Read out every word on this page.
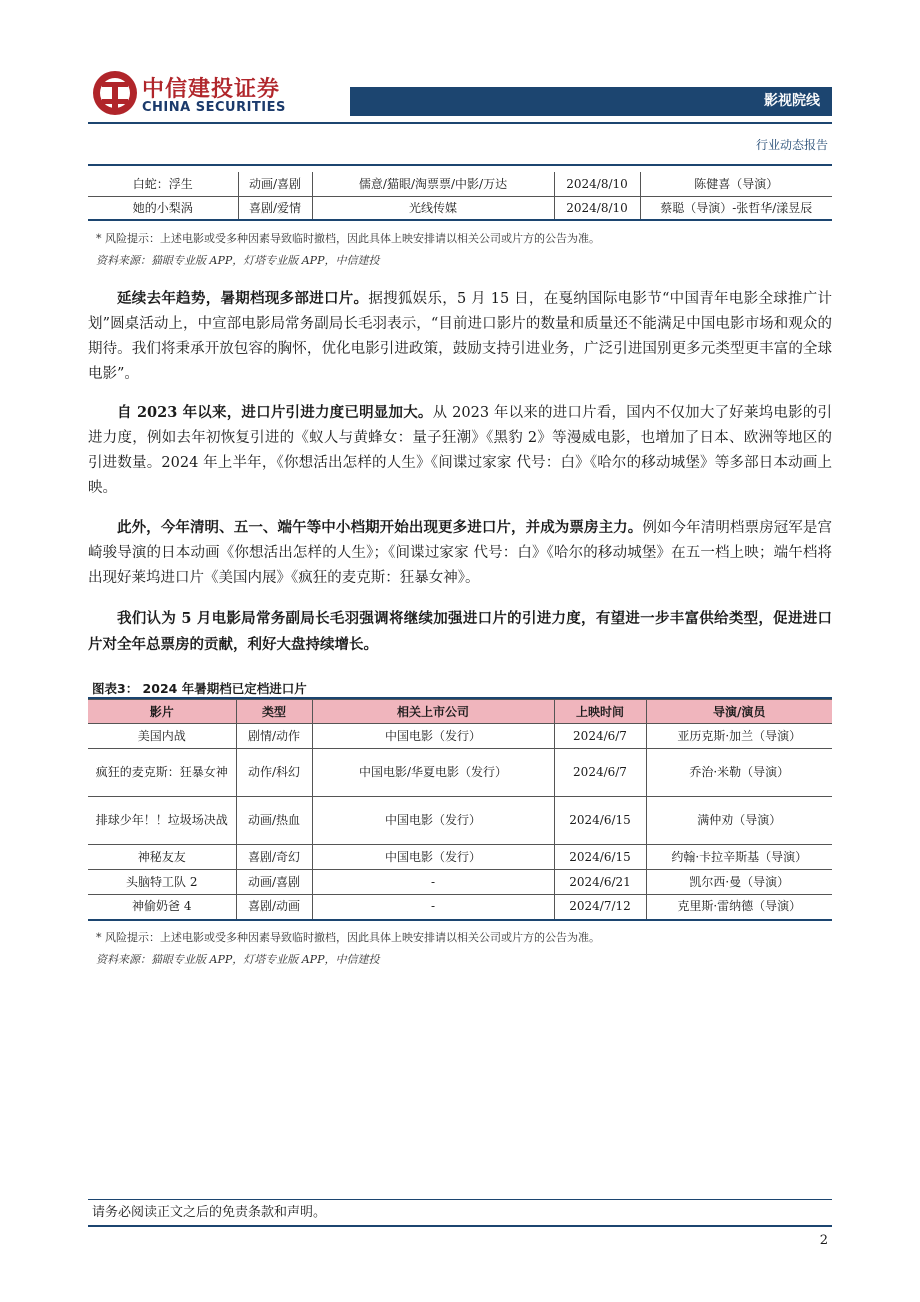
中信建投证券
CHINA SECURITIES	影视院线
行业动态报告
白蛇：浮生	动画/喜剧	儒意/猫眼/淘票票/中影/万达	2024/8/10	陈健喜（导演）
她的小梨涡	喜剧/爱情	光线传媒	2024/8/10	蔡聪（导演）-张哲华/漾昱辰
* 风险提示：上述电影或受多种因素导致临时撤档，因此具体上映安排请以相关公司或片方的公告为准。
资料来源：猫眼专业版 APP，灯塔专业版 APP，中信建投
延续去年趋势，暑期档现多部进口片。据搜狐娱乐，5 月 15 日，在戛纳国际电影节“中国青年电影全球推广计划”圆桌活动上，中宣部电影局常务副局长毛羽表示，“目前进口影片的数量和质量还不能满足中国电影市场和观众的期待。我们将秉承开放包容的胸怀，优化电影引进政策，鼓励支持引进业务，广泛引进国别更多元类型更丰富的全球电影”。
自 2023 年以来，进口片引进力度已明显加大。从 2023 年以来的进口片看，国内不仅加大了好莱坞电影的引进力度，例如去年初恢复引进的《蚁人与黄蜂女：量子狂潮》《黑豹 2》等漫威电影，也增加了日本、欧洲等地区的引进数量。2024 年上半年，《你想活出怎样的人生》《间谍过家家 代号：白》《哈尔的移动城堡》等多部日本动画上映。
此外，今年清明、五一、端午等中小档期开始出现更多进口片，并成为票房主力。例如今年清明档票房冠军是宫崎骏导演的日本动画《你想活出怎样的人生》；《间谍过家家 代号：白》《哈尔的移动城堡》在五一档上映；端午档将出现好莱坞进口片《美国内展》《疯狂的麦克斯：狂暴女神》。
我们认为 5 月电影局常务副局长毛羽强调将继续加强进口片的引进力度，有望进一步丰富供给类型，促进进口片对全年总票房的贡献，利好大盘持续增长。
图表3： 2024 年暑期档已定档进口片
影片	类型	相关上市公司	上映时间	导演/演员
美国内战	剧情/动作	中国电影（发行）	2024/6/7	亚历克斯·加兰（导演）
疯狂的麦克斯：狂暴女神	动作/科幻	中国电影/华夏电影（发行）	2024/6/7	乔治·米勒（导演）
排球少年！！垃圾场决战	动画/热血	中国电影（发行）	2024/6/15	满仲劝（导演）
神秘友友	喜剧/奇幻	中国电影（发行）	2024/6/15	约翰·卡拉辛斯基（导演）
头脑特工队 2	动画/喜剧	-	2024/6/21	凯尔西·曼（导演）
神偷奶爸 4	喜剧/动画	-	2024/7/12	克里斯·雷纳德（导演）
* 风险提示：上述电影或受多种因素导致临时撤档，因此具体上映安排请以相关公司或片方的公告为准。
资料来源：猫眼专业版 APP，灯塔专业版 APP，中信建投
请务必阅读正文之后的免责条款和声明。
2
